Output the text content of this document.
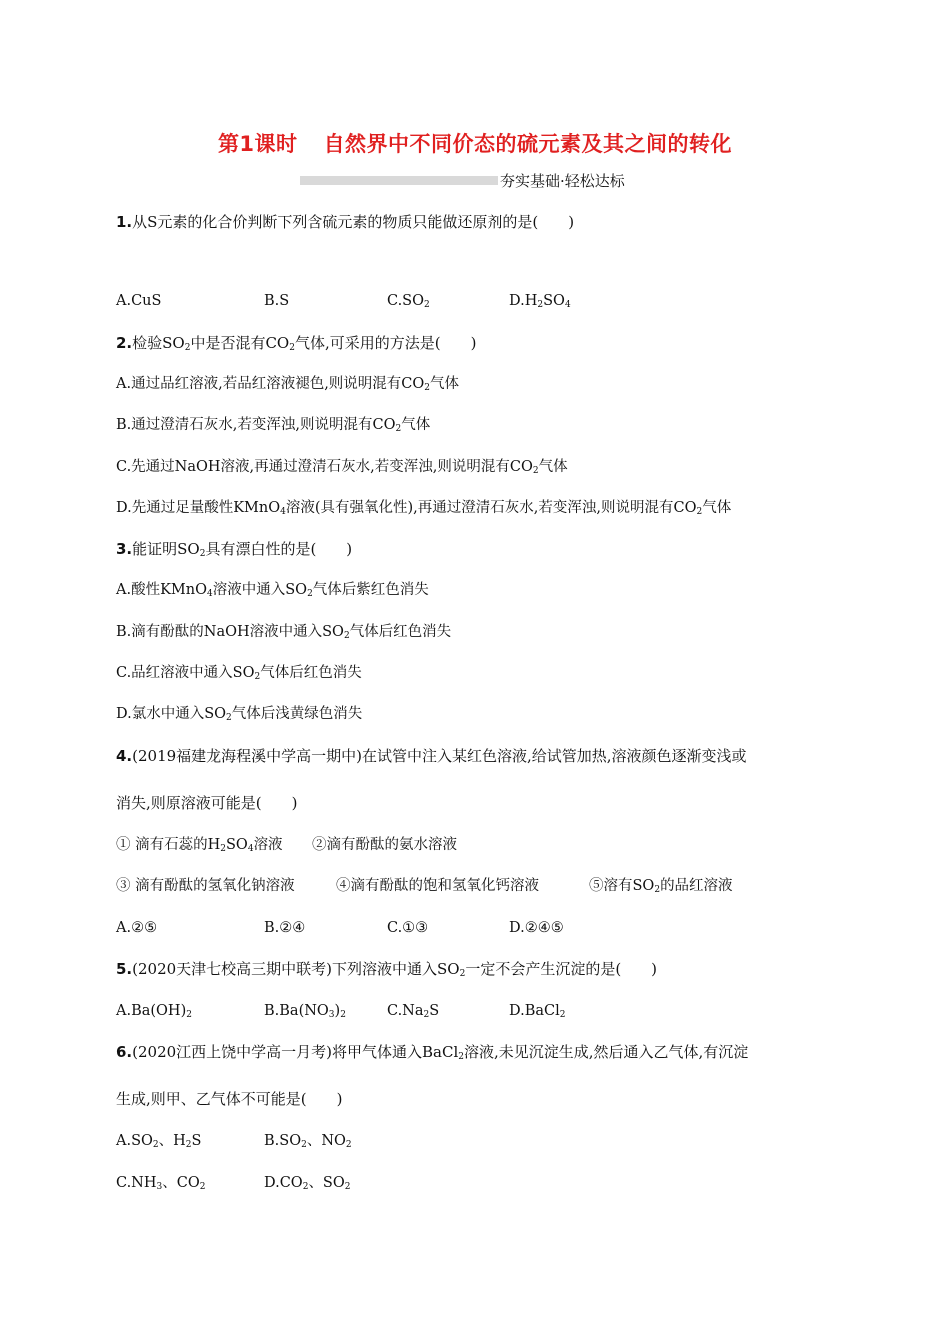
第1课时 自然界中不同价态的硫元素及其之间的转化
夯实基础·轻松达标
1.从S元素的化合价判断下列含硫元素的物质只能做还原剂的是(　　)
A.CuS	B.S	$C.SO_2$	$D.H_2SO_4$
2.检验$SO_2$中是否混有$CO_2$气体,可采用的方法是(　　)
A.通过品红溶液,若品红溶液褪色,则说明混有$CO_2$气体
B.通过澄清石灰水,若变浑浊,则说明混有$CO_2$气体
C.先通过NaOH溶液,再通过澄清石灰水,若变浑浊,则说明混有$CO_2$气体
D.先通过足量酸性KMnO$_4$溶液(具有强氧化性),再通过澄清石灰水,若变浑浊,则说明混有$CO_2$气体
3.能证明$SO_2$具有漂白性的是(　　)
A.酸性KMnO$_4$溶液中通入$SO_2$气体后紫红色消失
B.滴有酚酞的NaOH溶液中通入$SO_2$气体后红色消失
C.品红溶液中通入$SO_2$气体后红色消失
D.氯水中通入$SO_2$气体后浅黄绿色消失
4.(2019福建龙海程溪中学高一期中)在试管中注入某红色溶液,给试管加热,溶液颜色逐渐变浅或
消失,则原溶液可能是(　　)
① 滴有石蕊的$H_2SO_4$溶液 ②滴有酚酞的氨水溶液
③ 滴有酚酞的氢氧化钠溶液	④滴有酚酞的饱和氢氧化钙溶液	⑤溶有$SO_2$的品红溶液
A.②⑤	B.②④	C.①③	D.②④⑤
5.(2020天津七校高三期中联考)下列溶液中通入$SO_2$一定不会产生沉淀的是(　　)
$A.Ba(OH)_2$	$B.Ba(NO_3)_2$	$C.Na_2S$	D.BaCl$_2$
6.(2020江西上饶中学高一月考)将甲气体通入BaCl$_2$溶液,未见沉淀生成,然后通入乙气体,有沉淀
生成,则甲、乙气体不可能是(　　)
$A.SO_2$、$H_2S$	$B.SO_2$、$NO_2$
$C.NH_3$、$CO_2$	$D.CO_2$、$SO_2$
